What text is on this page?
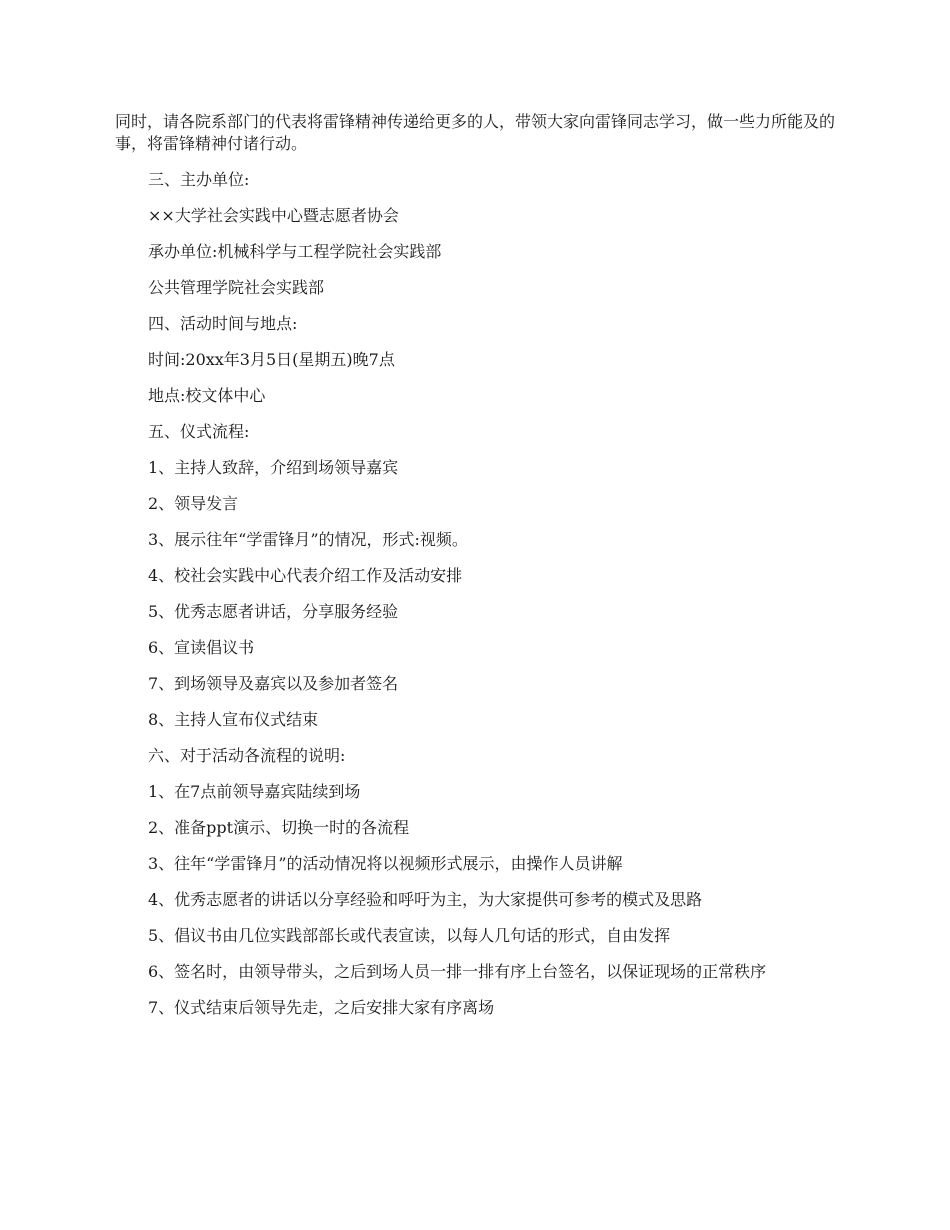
同时，请各院系部门的代表将雷锋精神传递给更多的人，带领大家向雷锋同志学习，做一些力所能及的事，将雷锋精神付诸行动。

三、主办单位:

××大学社会实践中心暨志愿者协会

承办单位:机械科学与工程学院社会实践部

公共管理学院社会实践部

四、活动时间与地点:

时间:20xx年3月5日(星期五)晚7点

地点:校文体中心

五、仪式流程:

1、主持人致辞，介绍到场领导嘉宾

2、领导发言

3、展示往年“学雷锋月”的情况，形式:视频。

4、校社会实践中心代表介绍工作及活动安排

5、优秀志愿者讲话，分享服务经验

6、宣读倡议书

7、到场领导及嘉宾以及参加者签名

8、主持人宣布仪式结束

六、对于活动各流程的说明:

1、在7点前领导嘉宾陆续到场

2、准备ppt演示、切换一时的各流程

3、往年“学雷锋月”的活动情况将以视频形式展示，由操作人员讲解

4、优秀志愿者的讲话以分享经验和呼吁为主，为大家提供可参考的模式及思路

5、倡议书由几位实践部部长或代表宣读，以每人几句话的形式，自由发挥

6、签名时，由领导带头，之后到场人员一排一排有序上台签名，以保证现场的正常秩序

7、仪式结束后领导先走，之后安排大家有序离场
